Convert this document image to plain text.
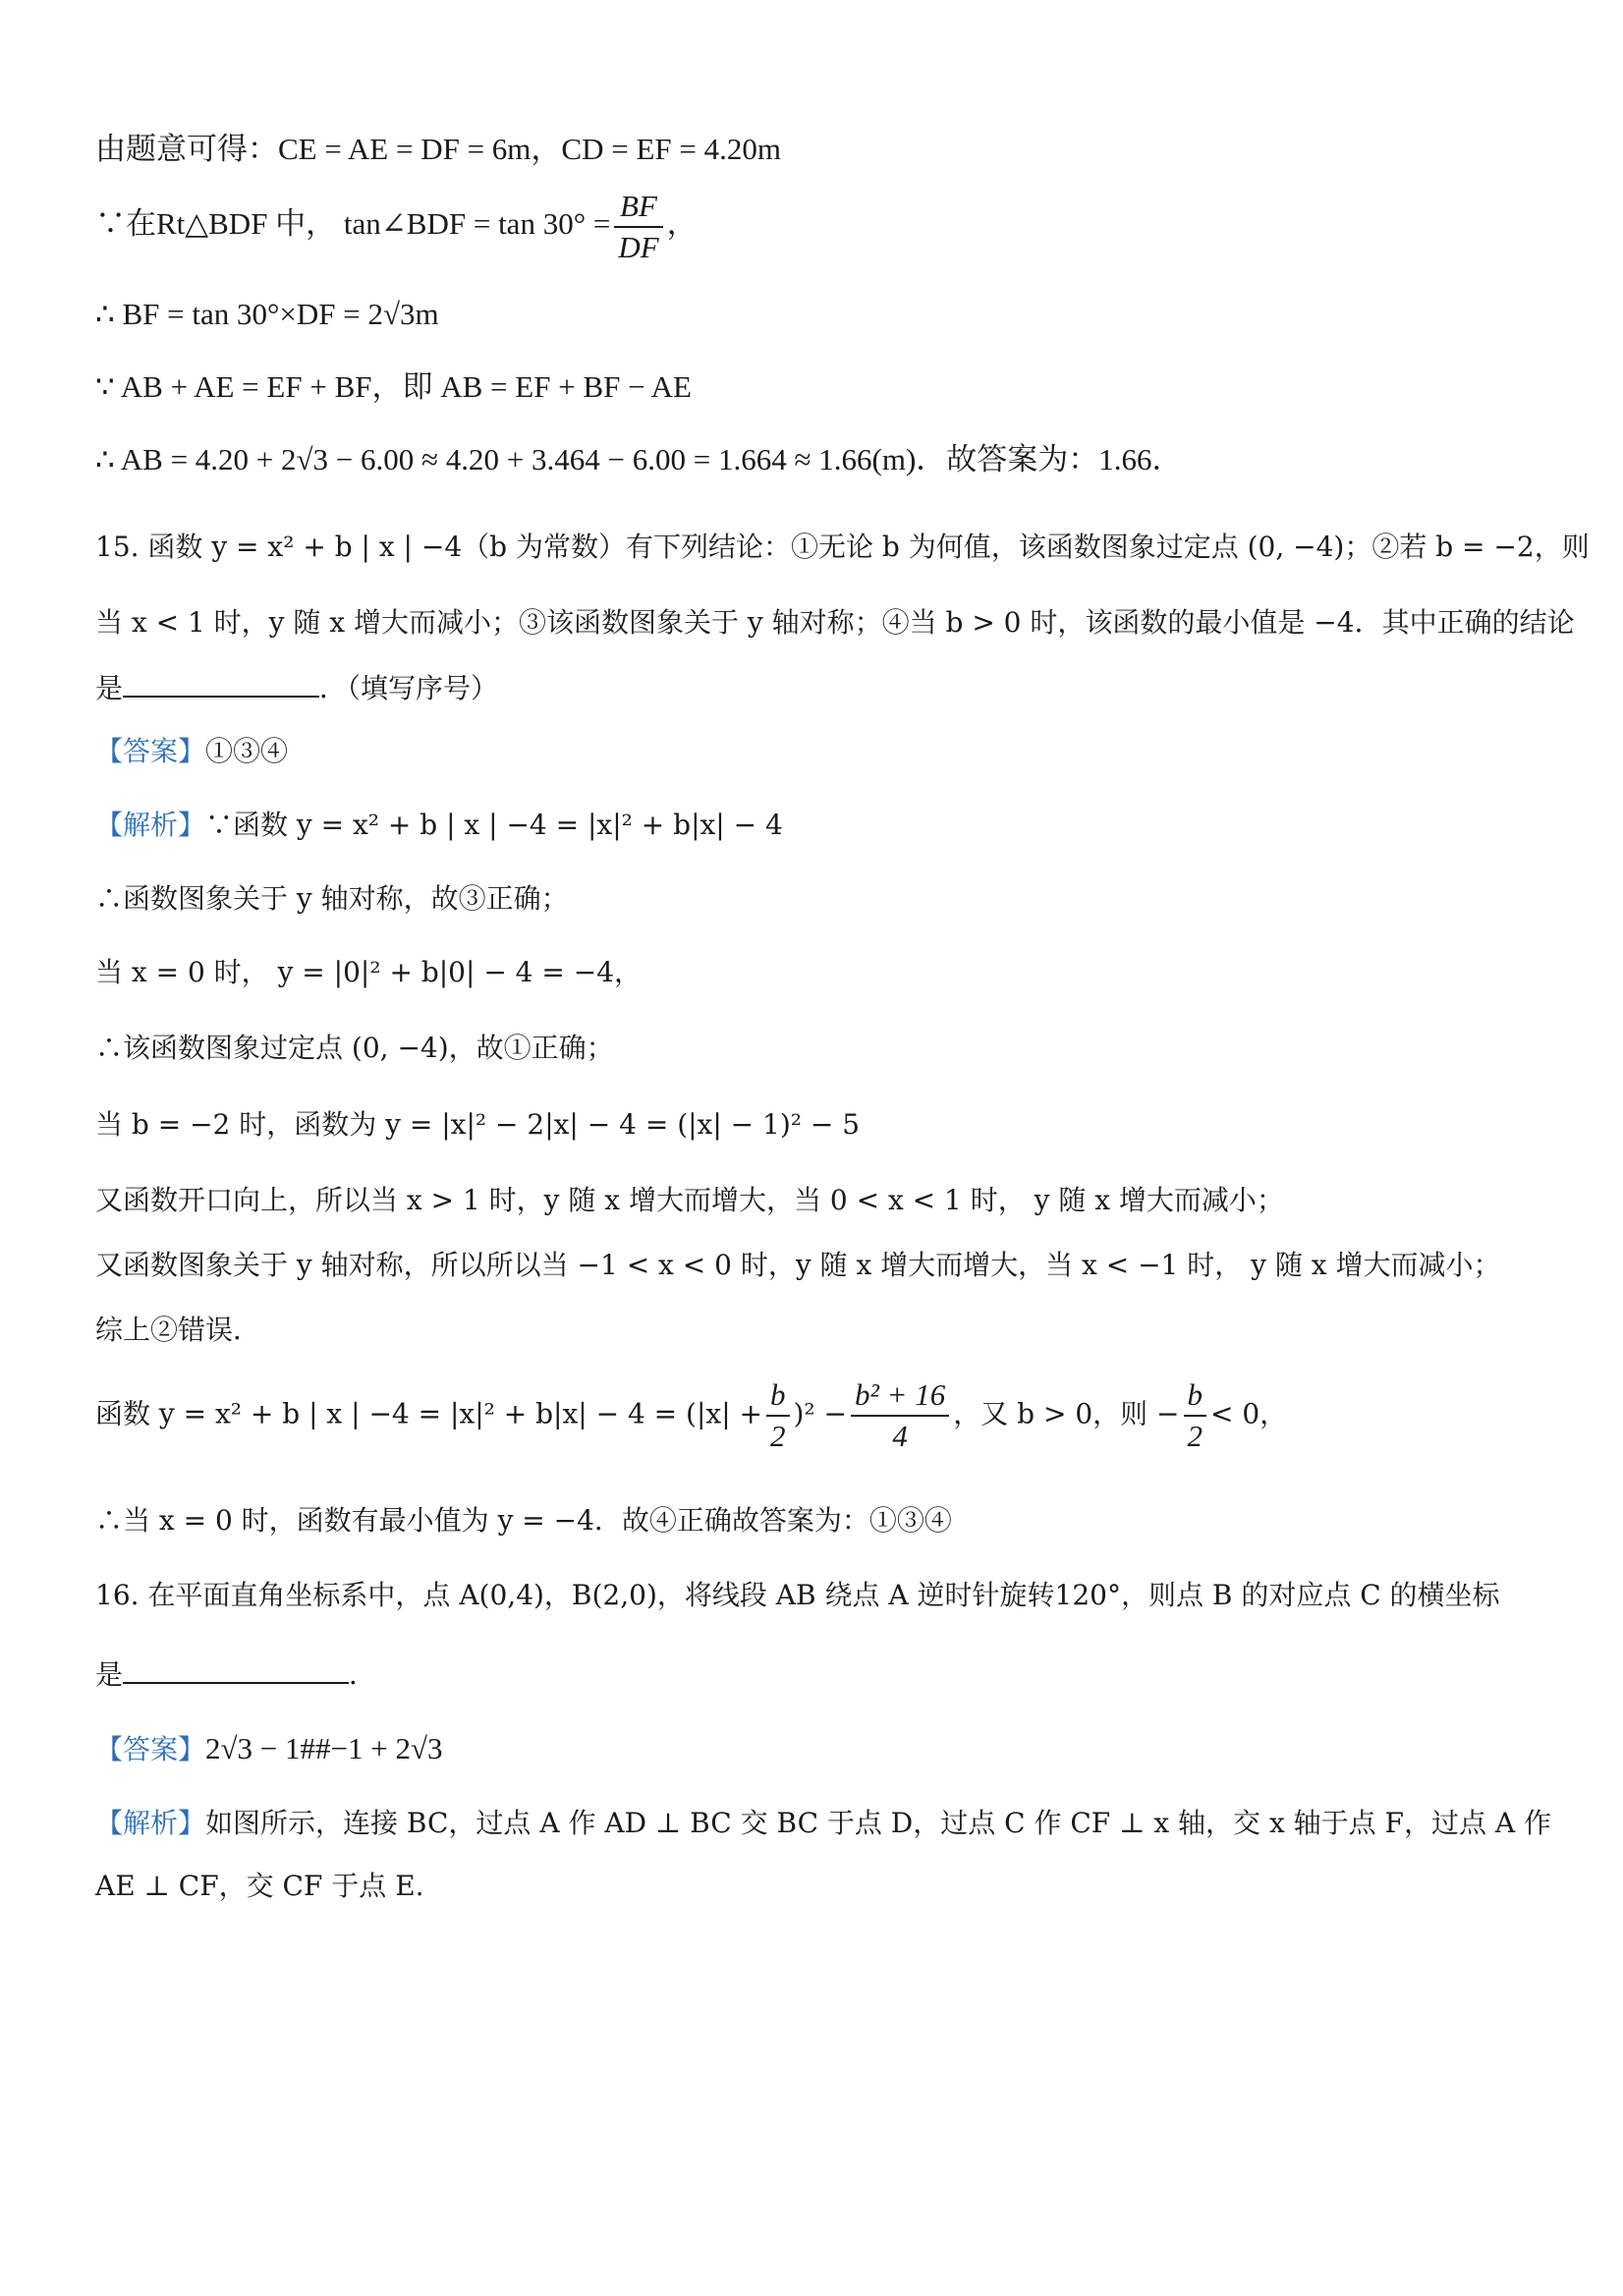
由题意可得：CE = AE = DF = 6m，CD = EF = 4.20m
∵在Rt△BDF 中， tan∠BDF = $\tan 30^\circ = \frac{BF}{DF}$ ，
∴ BF = tan 30°×DF = 2√3m
∵ AB + AE = EF + BF，即 AB = EF + BF − AE
∴ AB = 4.20 + 2√3 − 6.00 ≈ 4.20 + 3.464 − 6.00 = 1.664 ≈ 1.66(m)．故答案为：1.66．
15. 函数 y = x² + b | x | −4（b 为常数）有下列结论：①无论 b 为何值，该函数图象过定点 (0, −4)；②若 b = −2，则
当 x < 1 时，y 随 x 增大而减小；③该函数图象关于 y 轴对称；④当 b > 0 时，该函数的最小值是 −4．其中正确的结论
是	．（填写序号）
【答案】①③④
【解析】∵函数 y = x² + b | x | −4 = |x|² + b|x| − 4
∴函数图象关于 y 轴对称，故③正确；
当 x = 0 时， y = |0|² + b|0| − 4 = −4，
∴该函数图象过定点 (0, −4)，故①正确；
当 b = −2 时，函数为 y = |x|² − 2|x| − 4 = (|x| − 1)² − 5
又函数开口向上，所以当 x > 1 时，y 随 x 增大而增大，当 0 < x < 1 时， y 随 x 增大而减小；
又函数图象关于 y 轴对称，所以所以当 −1 < x < 0 时，y 随 x 增大而增大，当 x < −1 时， y 随 x 增大而减小；
综上②错误．
函数 y = x² + b | x | $-4 = |x|^2 + b|x| - 4 = (|x| + \frac{b}{2} )^2 - \frac{\text{b² + 16}}{4}$ ，又 b > 0，则 − $\frac{b}{2} < 0$，
∴当 x = 0 时，函数有最小值为 y = −4．故④正确故答案为：①③④
16. 在平面直角坐标系中，点 A(0,4)，B(2,0)，将线段 AB 绕点 A 逆时针旋转120°，则点 B 的对应点 C 的横坐标
是	．
【答案】2√3 − 1##−1 + 2√3
【解析】如图所示，连接 BC，过点 A 作 AD ⊥ BC 交 BC 于点 D，过点 C 作 CF ⊥ x 轴，交 x 轴于点 F，过点 A 作
AE ⊥ CF，交 CF 于点 E.
